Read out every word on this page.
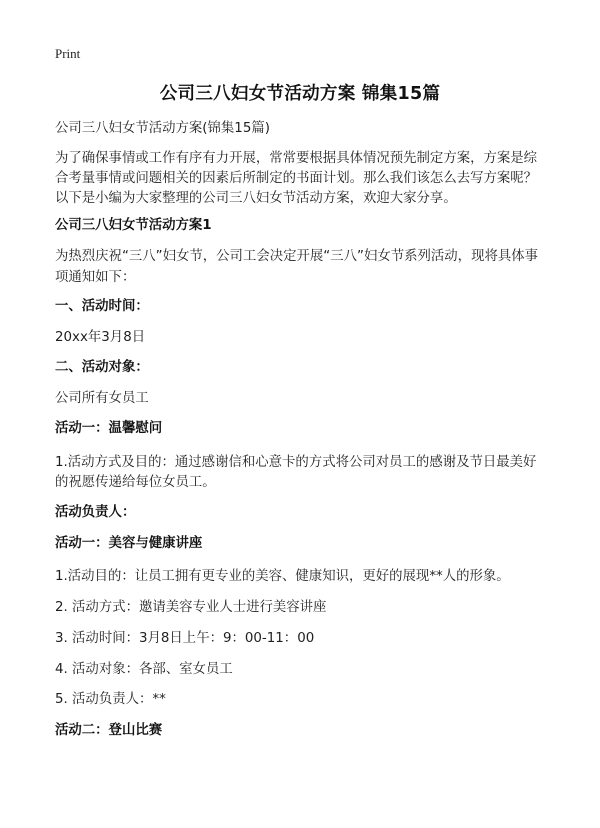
Print
公司三八妇女节活动方案 锦集15篇
公司三八妇女节活动方案(锦集15篇)
为了确保事情或工作有序有力开展，常常要根据具体情况预先制定方案，方案是综
合考量事情或问题相关的因素后所制定的书面计划。那么我们该怎么去写方案呢？
以下是小编为大家整理的公司三八妇女节活动方案，欢迎大家分享。
公司三八妇女节活动方案1
为热烈庆祝“三八”妇女节，公司工会决定开展“三八”妇女节系列活动，现将具体事
项通知如下：
一、活动时间：
20xx年3月8日
二、活动对象：
公司所有女员工
活动一：温馨慰问
1.活动方式及目的：通过感谢信和心意卡的方式将公司对员工的感谢及节日最美好
的祝愿传递给每位女员工。
活动负责人：
活动一：美容与健康讲座
1.活动目的：让员工拥有更专业的美容、健康知识，更好的展现**人的形象。
2. 活动方式：邀请美容专业人士进行美容讲座
3. 活动时间：3月8日上午：9：00-11：00
4. 活动对象：各部、室女员工
5. 活动负责人：**
活动二：登山比赛
